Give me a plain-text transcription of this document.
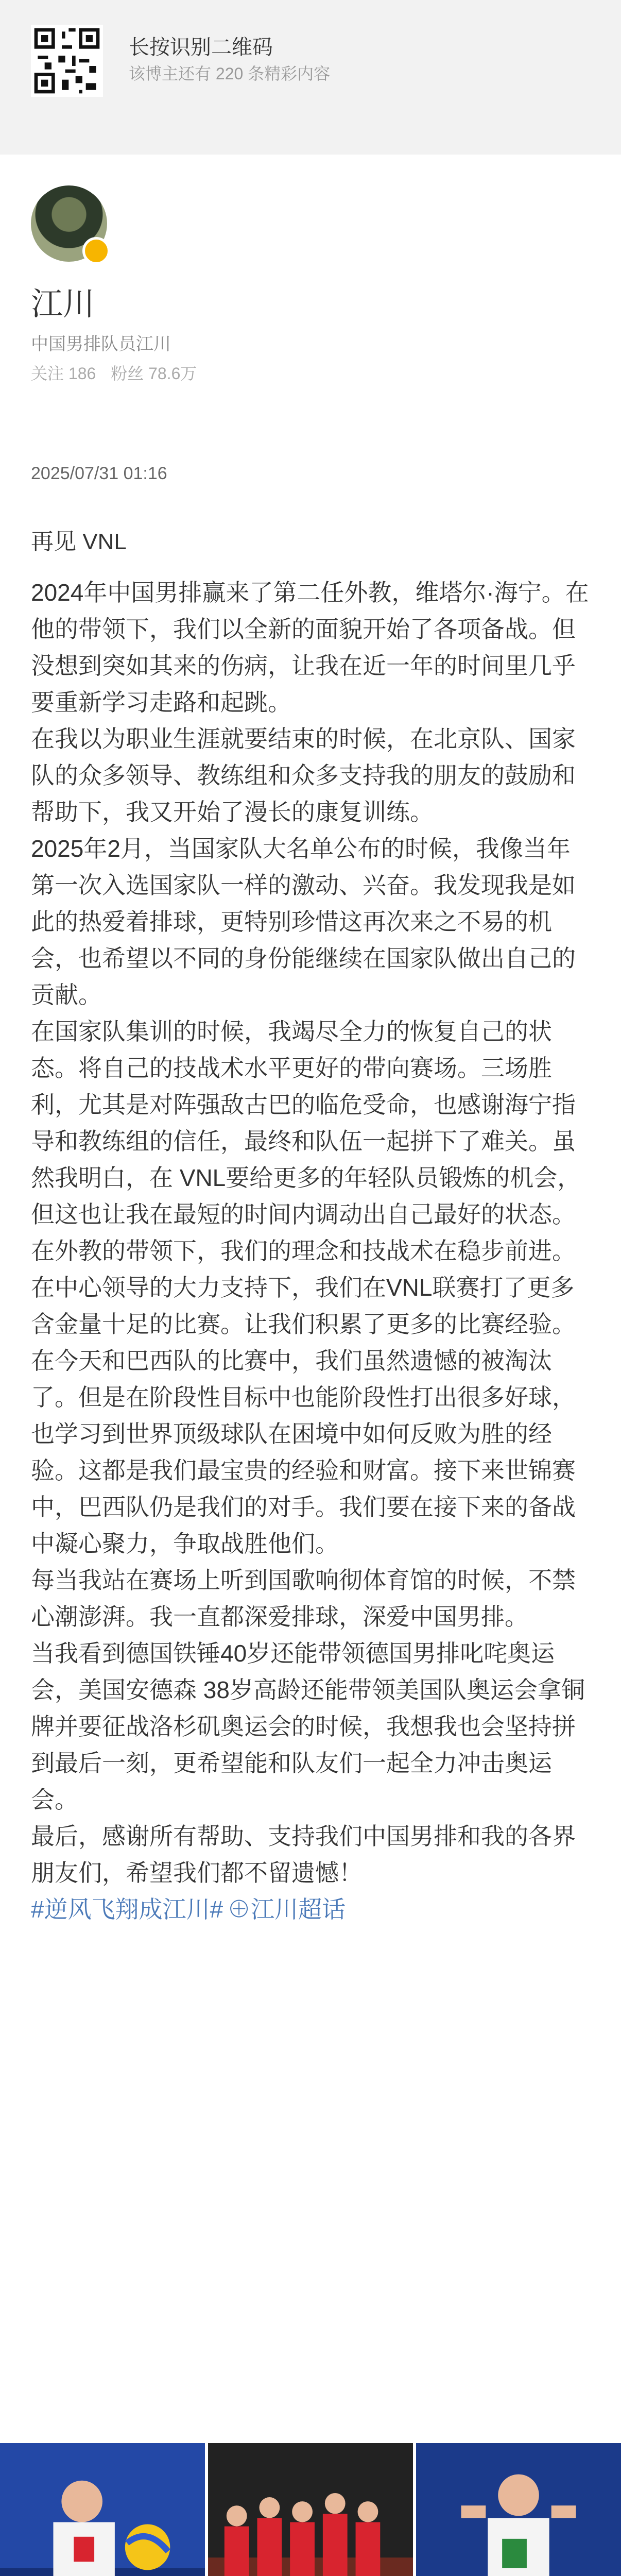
长按识别二维码
该博主还有 220 条精彩内容
江川
中国男排队员江川
关注 186 粉丝 78.6万
2025/07/31 01:16
再见 VNL

2024年中国男排赢来了第二任外教，维塔尔·海宁。在他的带领下，我们以全新的面貌开始了各项备战。但没想到突如其来的伤病，让我在近一年的时间里几乎要重新学习走路和起跳。

在我以为职业生涯就要结束的时候，在北京队、国家队的众多领导、教练组和众多支持我的朋友的鼓励和帮助下，我又开始了漫长的康复训练。

2025年2月，当国家队大名单公布的时候，我像当年第一次入选国家队一样的激动、兴奋。我发现我是如此的热爱着排球，更特别珍惜这再次来之不易的机会，也希望以不同的身份能继续在国家队做出自己的贡献。

在国家队集训的时候，我竭尽全力的恢复自己的状态。将自己的技战术水平更好的带向赛场。三场胜利，尤其是对阵强敌古巴的临危受命，也感谢海宁指导和教练组的信任，最终和队伍一起拼下了难关。虽然我明白，在 VNL要给更多的年轻队员锻炼的机会，但这也让我在最短的时间内调动出自己最好的状态。

在外教的带领下，我们的理念和技战术在稳步前进。在中心领导的大力支持下，我们在VNL联赛打了更多含金量十足的比赛。让我们积累了更多的比赛经验。在今天和巴西队的比赛中，我们虽然遗憾的被淘汰了。但是在阶段性目标中也能阶段性打出很多好球，也学习到世界顶级球队在困境中如何反败为胜的经验。这都是我们最宝贵的经验和财富。接下来世锦赛中，巴西队仍是我们的对手。我们要在接下来的备战中凝心聚力，争取战胜他们。

每当我站在赛场上听到国歌响彻体育馆的时候，不禁心潮澎湃。我一直都深爱排球，深爱中国男排。

当我看到德国铁锤40岁还能带领德国男排叱咤奥运会，美国安德森 38岁高龄还能带领美国队奥运会拿铜牌并要征战洛杉矶奥运会的时候，我想我也会坚持拼到最后一刻，更希望能和队友们一起全力冲击奥运会。

最后，感谢所有帮助、支持我们中国男排和我的各界朋友们，希望我们都不留遗憾！

#逆风飞翔成江川# ⊕江川超话
